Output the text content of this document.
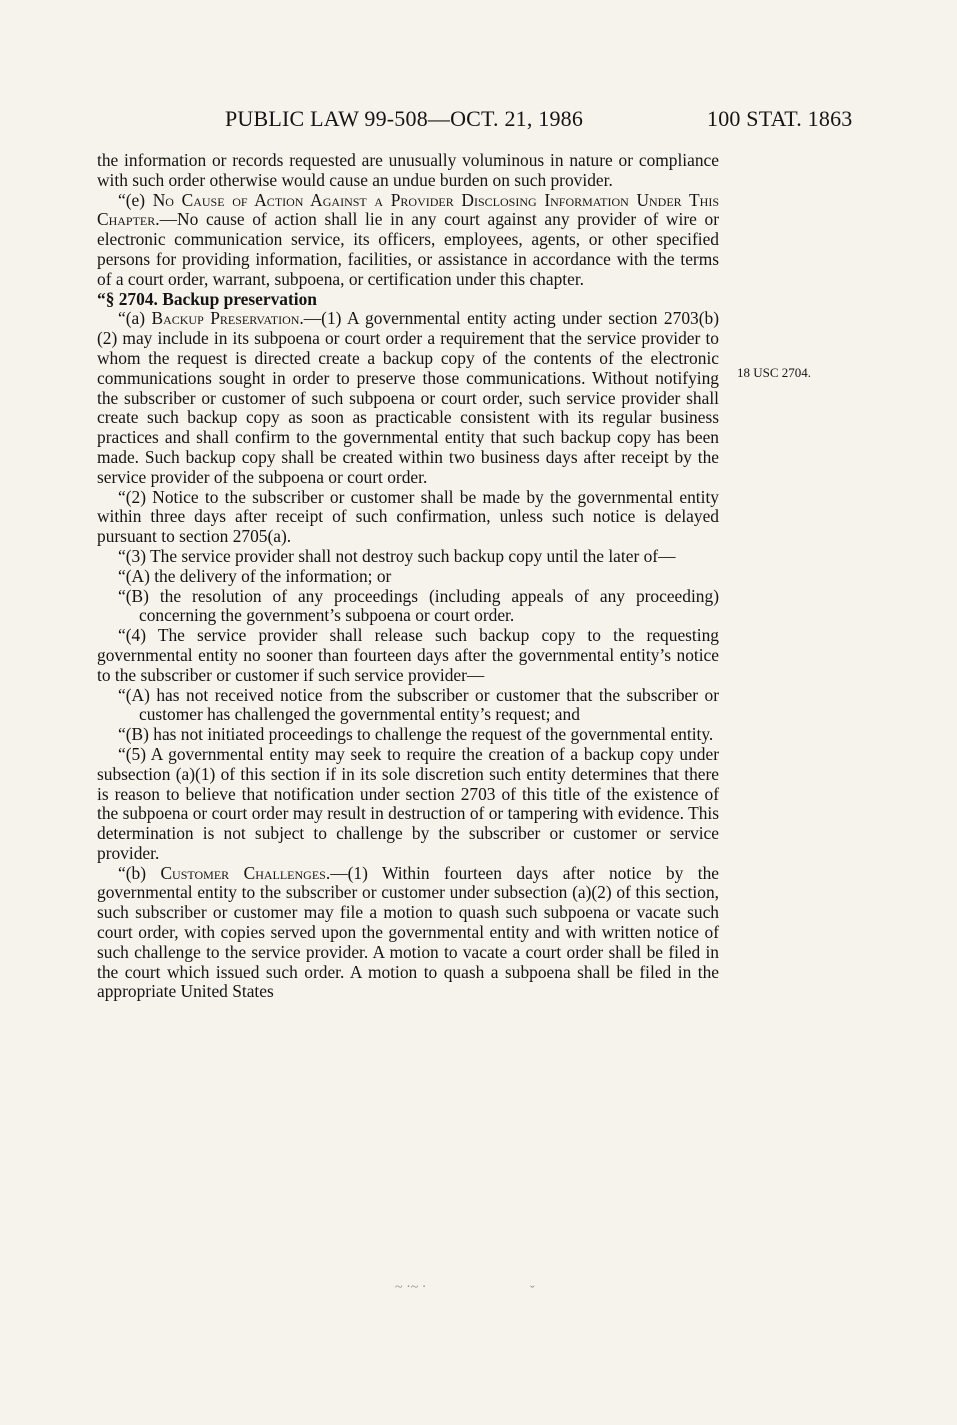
PUBLIC LAW 99-508—OCT. 21, 1986	100 STAT. 1863
18 USC 2704.

the information or records requested are unusually voluminous in nature or compliance with such order otherwise would cause an undue burden on such provider.

“(e) No Cause of Action Against a Provider Disclosing Information Under This Chapter.—No cause of action shall lie in any court against any provider of wire or electronic communication service, its officers, employees, agents, or other specified persons for providing information, facilities, or assistance in accordance with the terms of a court order, warrant, subpoena, or certification under this chapter.

“§ 2704. Backup preservation

“(a) Backup Preservation.—(1) A governmental entity acting under section 2703(b)(2) may include in its subpoena or court order a requirement that the service provider to whom the request is directed create a backup copy of the contents of the electronic communications sought in order to preserve those communications. Without notifying the subscriber or customer of such subpoena or court order, such service provider shall create such backup copy as soon as practicable consistent with its regular business practices and shall confirm to the governmental entity that such backup copy has been made. Such backup copy shall be created within two business days after receipt by the service provider of the subpoena or court order.

“(2) Notice to the subscriber or customer shall be made by the governmental entity within three days after receipt of such confirmation, unless such notice is delayed pursuant to section 2705(a).

“(3) The service provider shall not destroy such backup copy until the later of—

“(A) the delivery of the information; or

“(B) the resolution of any proceedings (including appeals of any proceeding) concerning the government’s subpoena or court order.

“(4) The service provider shall release such backup copy to the requesting governmental entity no sooner than fourteen days after the governmental entity’s notice to the subscriber or customer if such service provider—

“(A) has not received notice from the subscriber or customer that the subscriber or customer has challenged the governmental entity’s request; and

“(B) has not initiated proceedings to challenge the request of the governmental entity.

“(5) A governmental entity may seek to require the creation of a backup copy under subsection (a)(1) of this section if in its sole discretion such entity determines that there is reason to believe that notification under section 2703 of this title of the existence of the subpoena or court order may result in destruction of or tampering with evidence. This determination is not subject to challenge by the subscriber or customer or service provider.

“(b) Customer Challenges.—(1) Within fourteen days after notice by the governmental entity to the subscriber or customer under subsection (a)(2) of this section, such subscriber or customer may file a motion to quash such subpoena or vacate such court order, with copies served upon the governmental entity and with written notice of such challenge to the service provider. A motion to vacate a court order shall be filed in the court which issued such order. A motion to quash a subpoena shall be filed in the appropriate United States

~ ·~ ·	ˇ
